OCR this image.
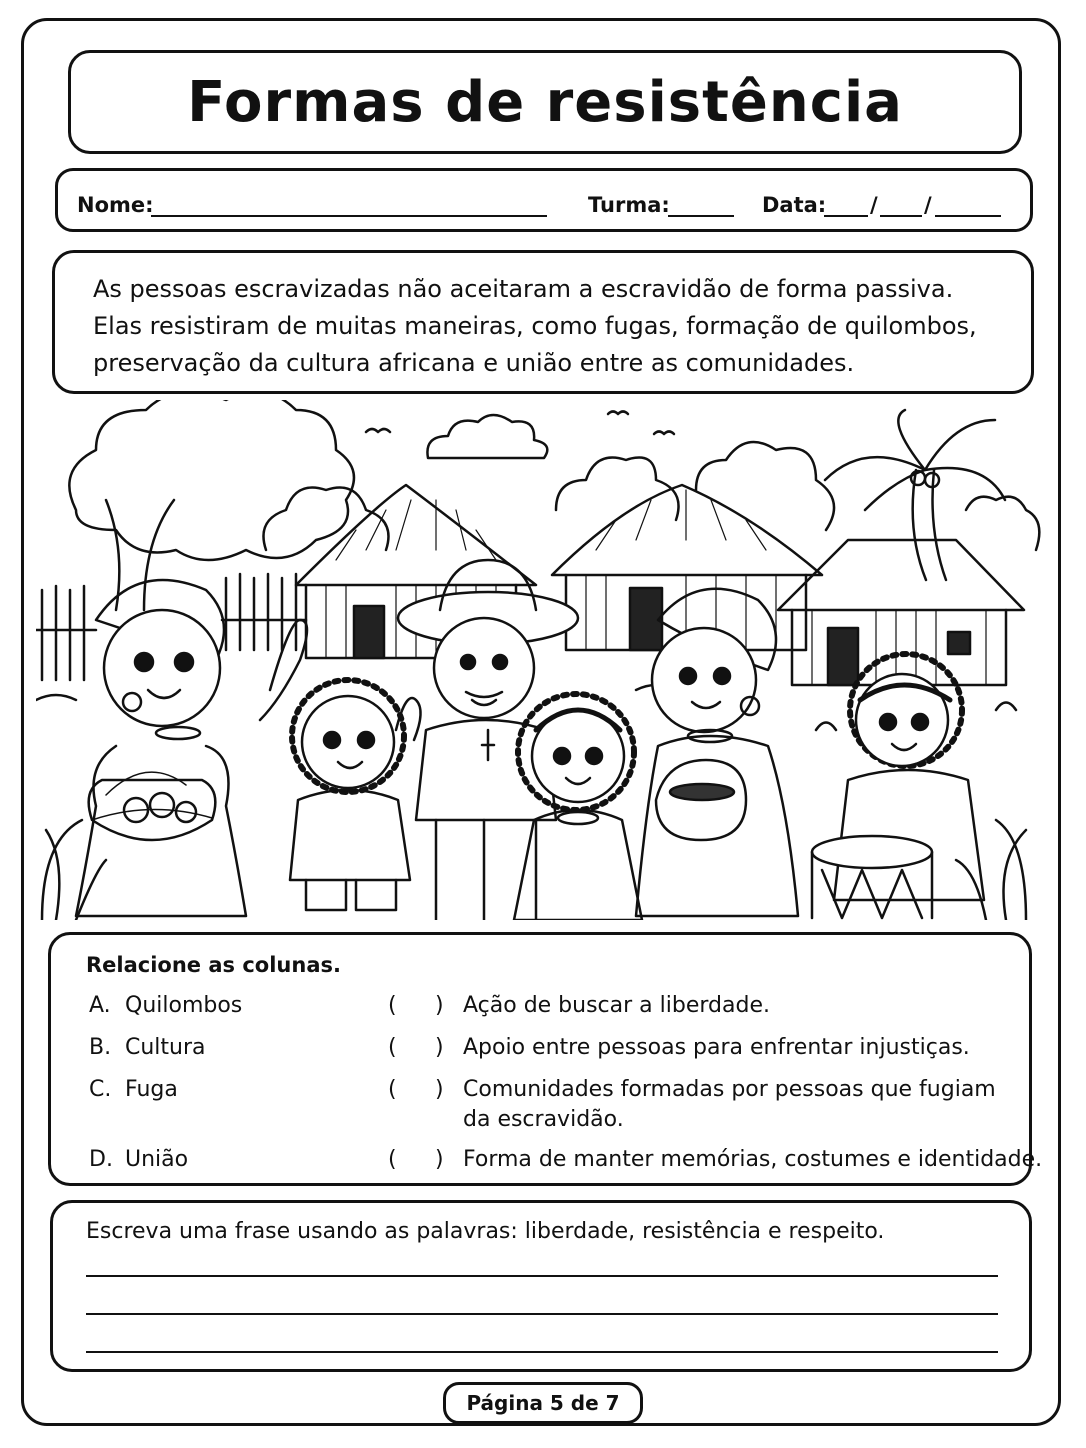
Formas de resistência
Nome:	Turma:	Data: / /
As pessoas escravizadas não aceitaram a escravidão de forma passiva.
Elas resistiram de muitas maneiras, como fugas, formação de quilombos,
preservação da cultura africana e união entre as comunidades.
Relacione as colunas.
A. Quilombos
B. Cultura
C. Fuga
D. União
( ) Ação de buscar a liberdade.
( ) Apoio entre pessoas para enfrentar injustiças.
( ) Comunidades formadas por pessoas que fugiam
da escravidão.
( ) Forma de manter memórias, costumes e identidade.
Escreva uma frase usando as palavras: liberdade, resistência e respeito.
Página 5 de 7
